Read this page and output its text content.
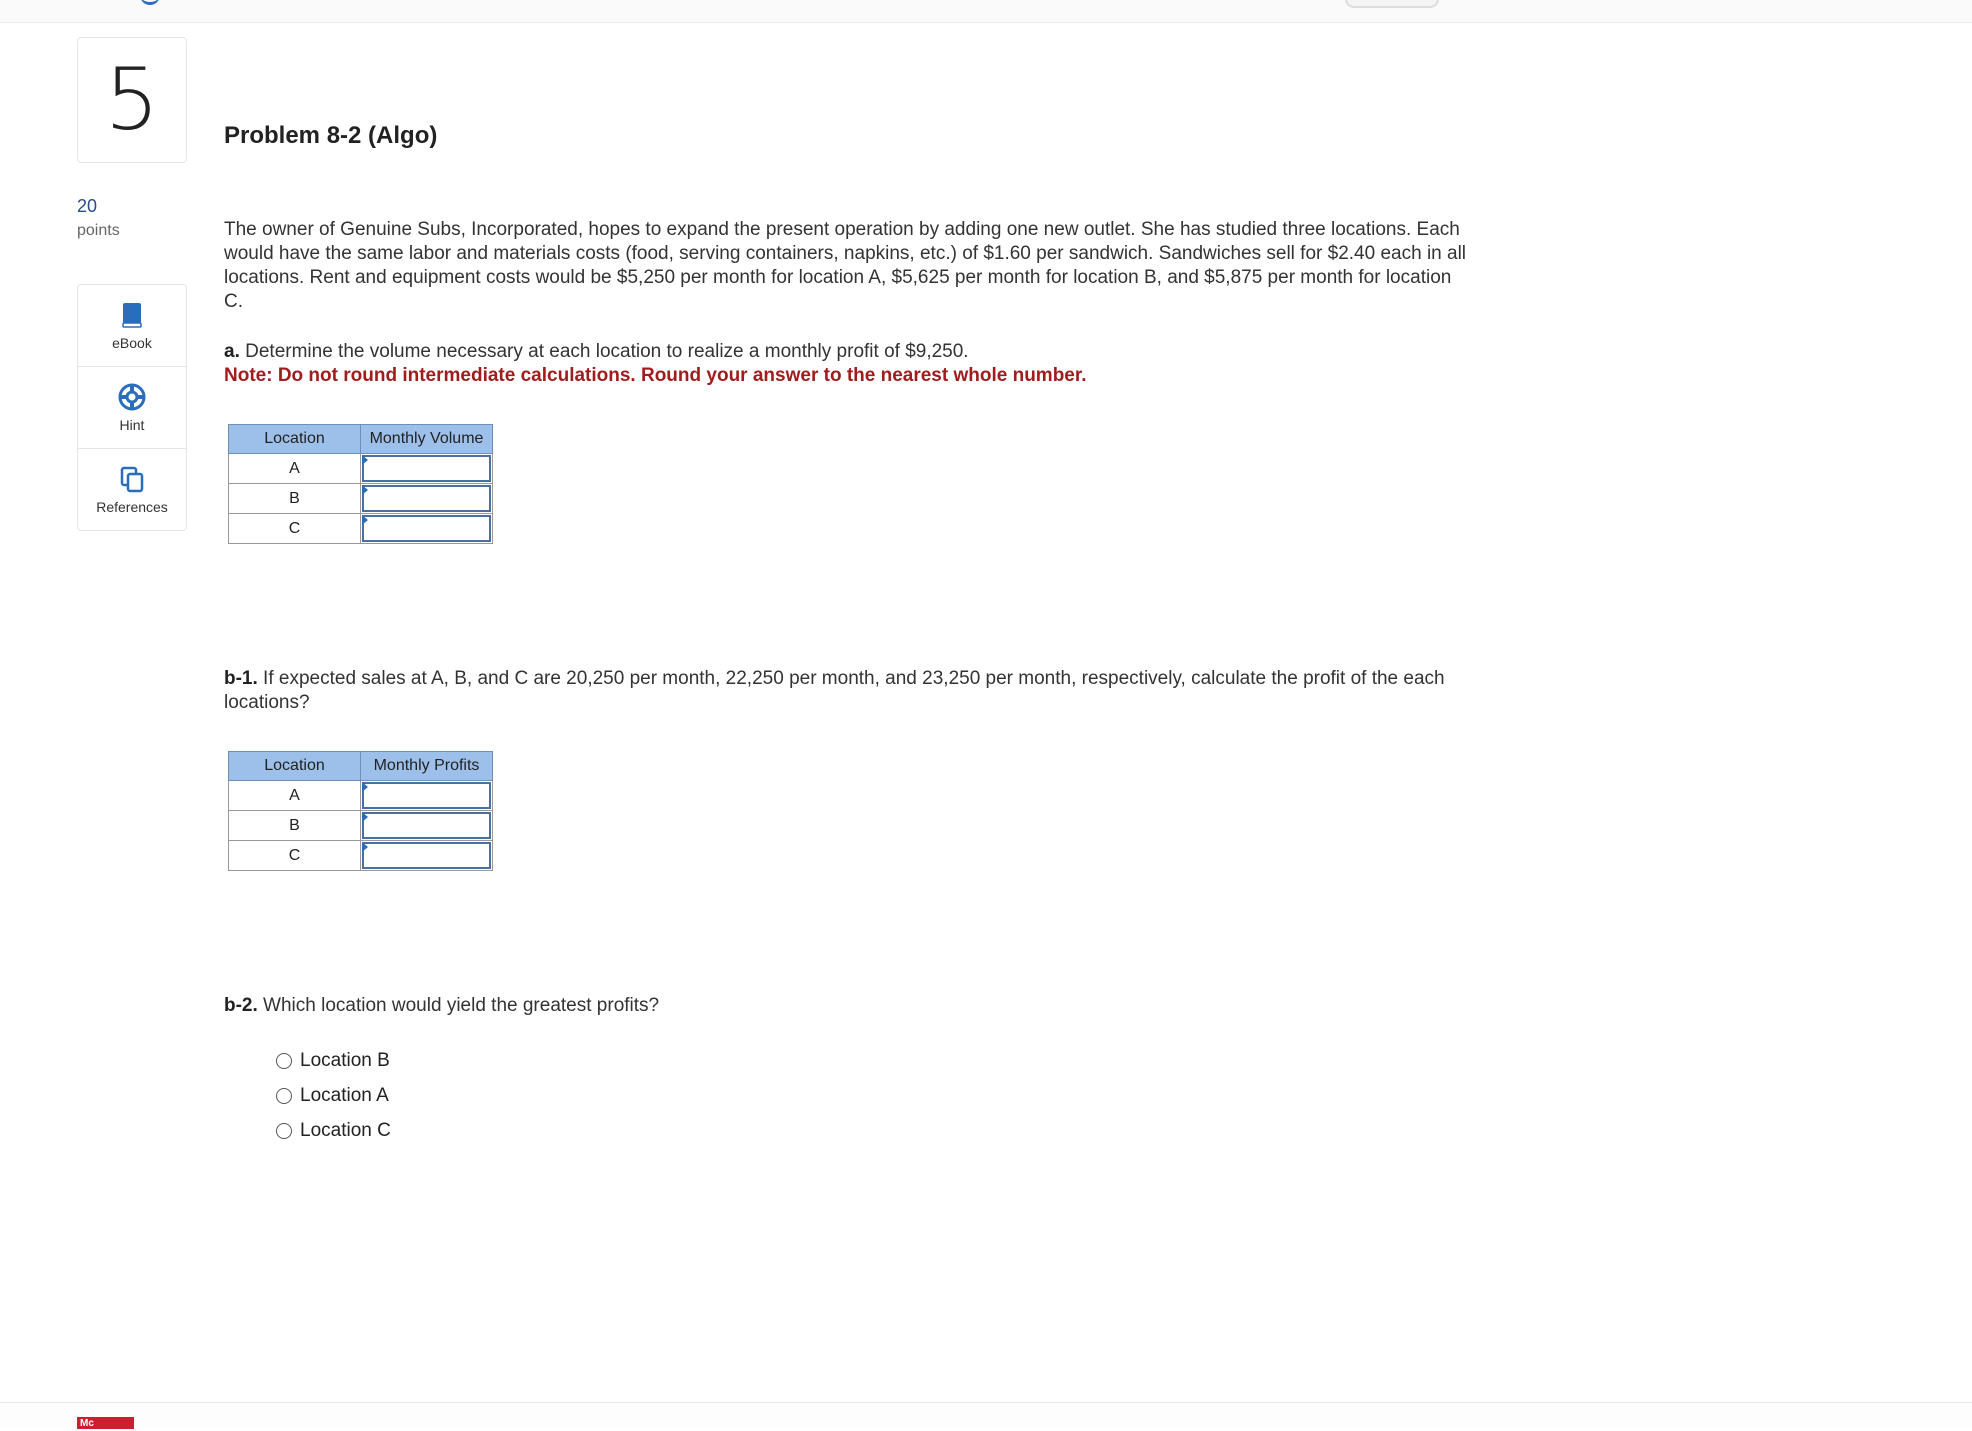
5
20
points
eBook
Hint
References
Problem 8-2 (Algo)
The owner of Genuine Subs, Incorporated, hopes to expand the present operation by adding one new outlet. She has studied three locations. Each would have the same labor and materials costs (food, serving containers, napkins, etc.) of $1.60 per sandwich. Sandwiches sell for $2.40 each in all locations. Rent and equipment costs would be $5,250 per month for location A, $5,625 per month for location B, and $5,875 per month for location C.
a. Determine the volume necessary at each location to realize a monthly profit of $9,250.
Note: Do not round intermediate calculations. Round your answer to the nearest whole number.
Location	Monthly Volume
A	

B	

C	
b-1. If expected sales at A, B, and C are 20,250 per month, 22,250 per month, and 23,250 per month, respectively, calculate the profit of the each locations?
Location	Monthly Profits
A	

B	

C	
b-2. Which location would yield the greatest profits?
Location B
Location A
Location C
Mc
